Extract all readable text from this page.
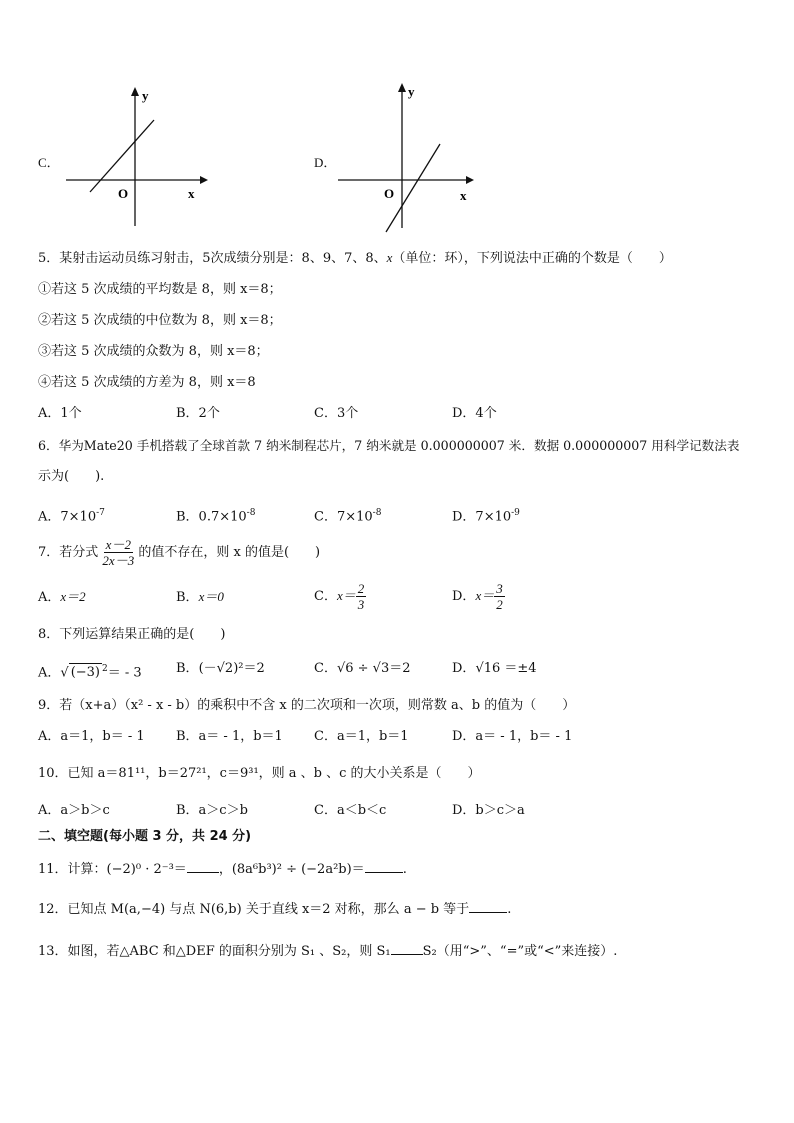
C．
y
x
O
D．
y
x
O
5．某射击运动员练习射击，5次成绩分别是：8、9、7、8、x（单位：环），下列说法中正确的个数是（　　）
①若这 5 次成绩的平均数是 8，则 x＝8；
②若这 5 次成绩的中位数为 8，则 x＝8；
③若这 5 次成绩的众数为 8，则 x＝8；
④若这 5 次成绩的方差为 8，则 x＝8
A．1个	B．2个	C．3个	D．4个
6．华为Mate20 手机搭载了全球首款 7 纳米制程芯片，7 纳米就是 0.000000007 米．数据 0.000000007 用科学记数法表
示为(　　).
A．$7\times 10^{-7}$	B．$0.7\times 10^{-8}$	C．$7\times 10^{-8}$	D．$7\times 10^{-9}$
7．若分式 $\frac{x-2}{2x-3}$ 的值不存在，则 x 的值是(　　)
A．x＝2	B．x＝0	C．$x= \frac{2}{3}$	D．$x= \frac{3}{2}$
8．下列运算结果正确的是(　　)
A．√ (−3) $^2$＝ - 3	B．(－√2)²＝2	C．√6 ÷ √3＝2	D．√16 ＝±4
9．若（x+a）（x² - x - b）的乘积中不含 x 的二次项和一次项，则常数 a、b 的值为（　　）
A．a＝1，b＝ - 1 B．a＝ - 1，b＝1 C．a＝1，b＝1	D．a＝ - 1，b＝ - 1
10．已知 a＝81¹¹，b＝27²¹，c＝9³¹，则 a 、b 、c 的大小关系是（　　）
A．a＞b＞c	B．a＞c＞b	C．a＜b＜c	D．b＞c＞a
二、填空题(每小题 3 分，共 24 分)
11．计算：(−2)⁰ · 2⁻³＝ ，(8a⁶b³)² ÷ (−2a²b)＝	.
12．已知点 M(a,−4) 与点 N(6,b) 关于直线 x＝2 对称，那么 a − b 等于	.
13．如图，若△ABC 和△DEF 的面积分别为 S₁ 、S₂，则 S₁ S₂（用“>”、“=”或“<”来连接）.
